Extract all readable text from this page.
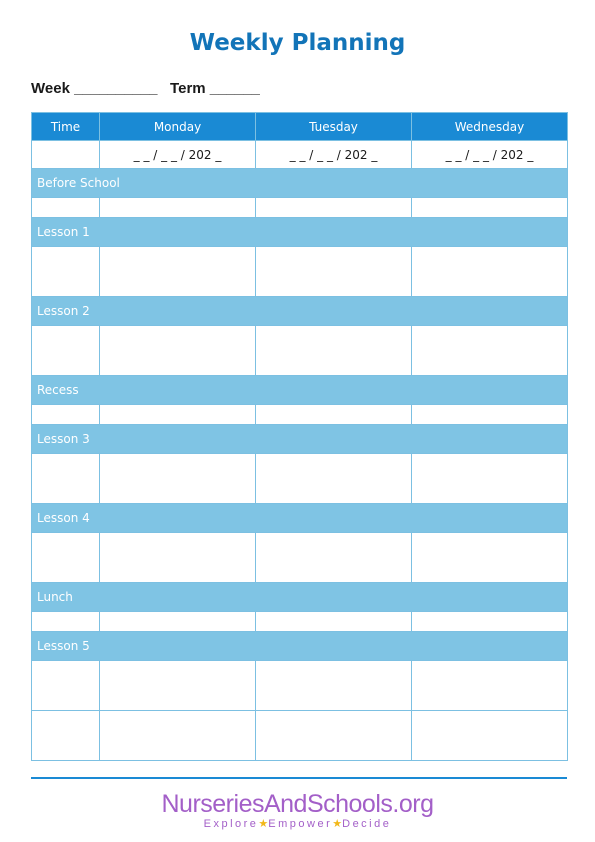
Weekly Planning
Week __________ Term ______
Time	Monday	Tuesday	Wednesday
	_ _ / _ _ / 202 _	_ _ / _ _ / 202 _	_ _ / _ _ / 202 _
Before School			

Lesson 1			

Lesson 2			

Recess			

Lesson 3			

Lesson 4			

Lunch			

Lesson 5			

NurseriesAndSchools.org
Explore★Empower★Decide
